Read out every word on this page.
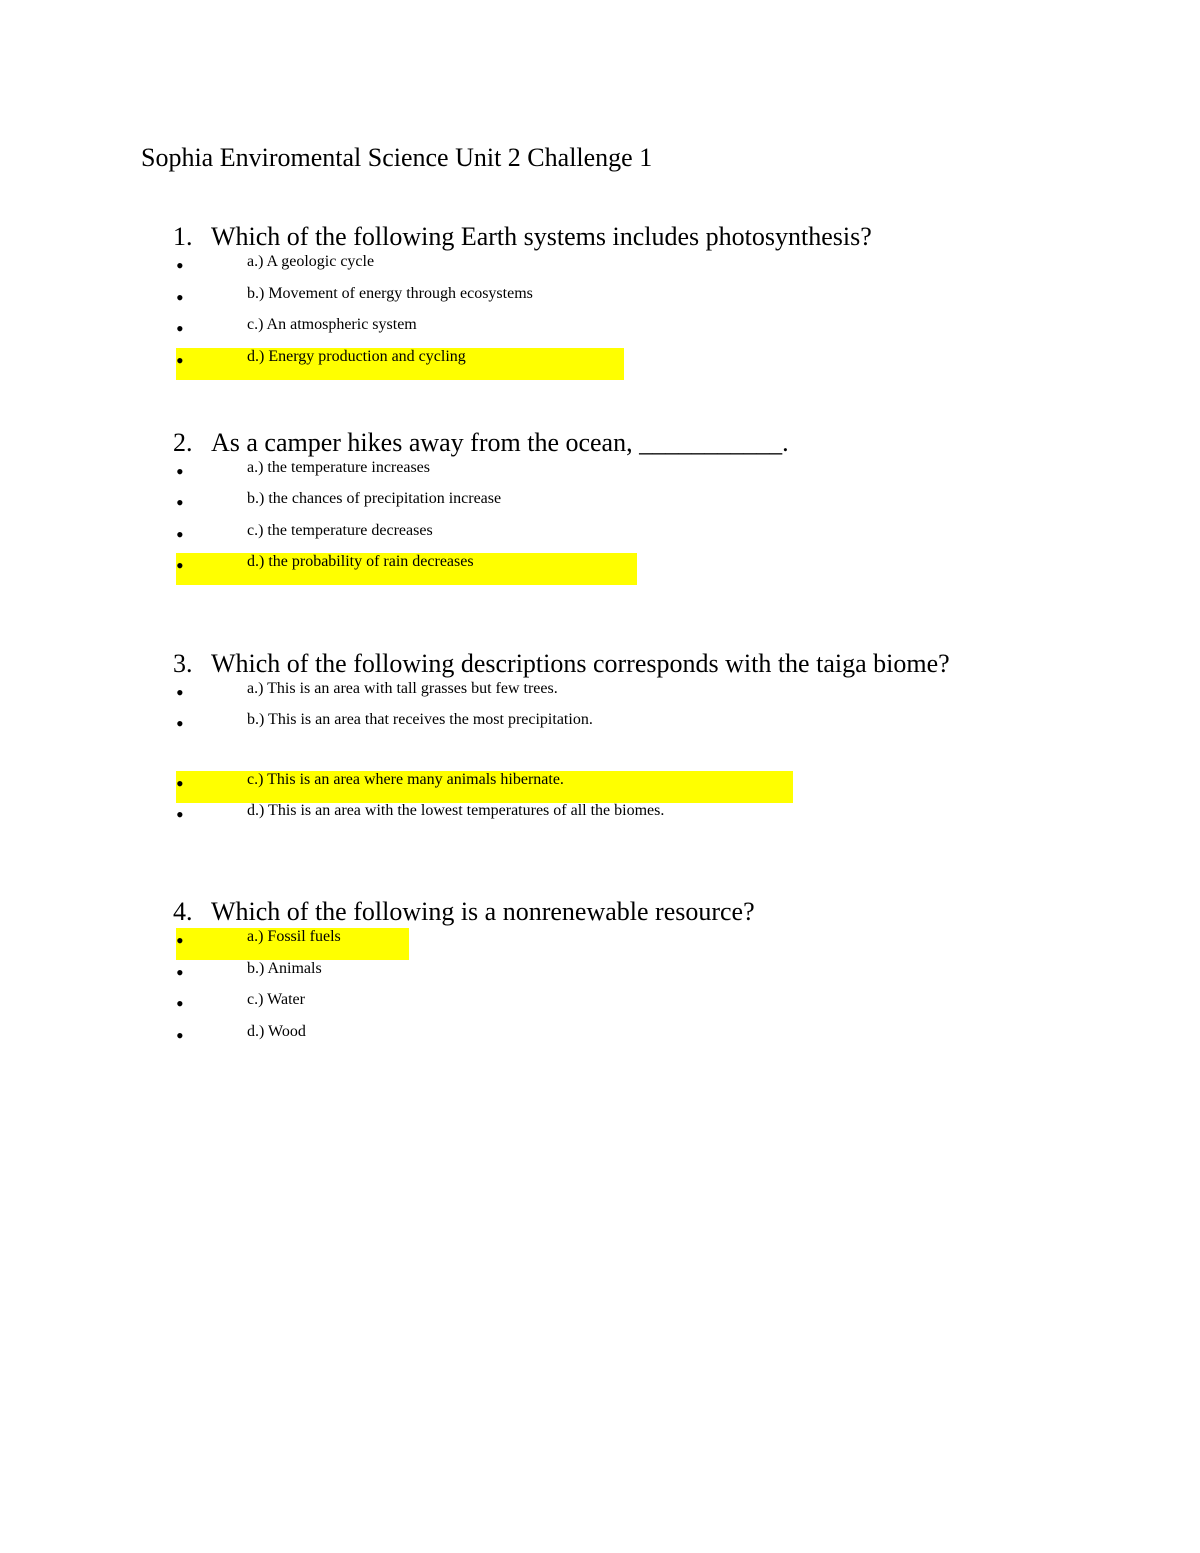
Sophia Enviromental Science Unit 2 Challenge 1
1. Which of the following Earth systems includes photosynthesis?
•	a.) A geologic cycle
•	b.) Movement of energy through ecosystems
•	c.) An atmospheric system
•	d.) Energy production and cycling
2. As a camper hikes away from the ocean, ___________.
•	a.) the temperature increases
•	b.) the chances of precipitation increase
•	c.) the temperature decreases
•	d.) the probability of rain decreases
3. Which of the following descriptions corresponds with the taiga biome?
•	a.) This is an area with tall grasses but few trees.
•	b.) This is an area that receives the most precipitation.
•	c.) This is an area where many animals hibernate.
•	d.) This is an area with the lowest temperatures of all the biomes.
4. Which of the following is a nonrenewable resource?
•	a.) Fossil fuels
•	b.) Animals
•	c.) Water
•	d.) Wood
